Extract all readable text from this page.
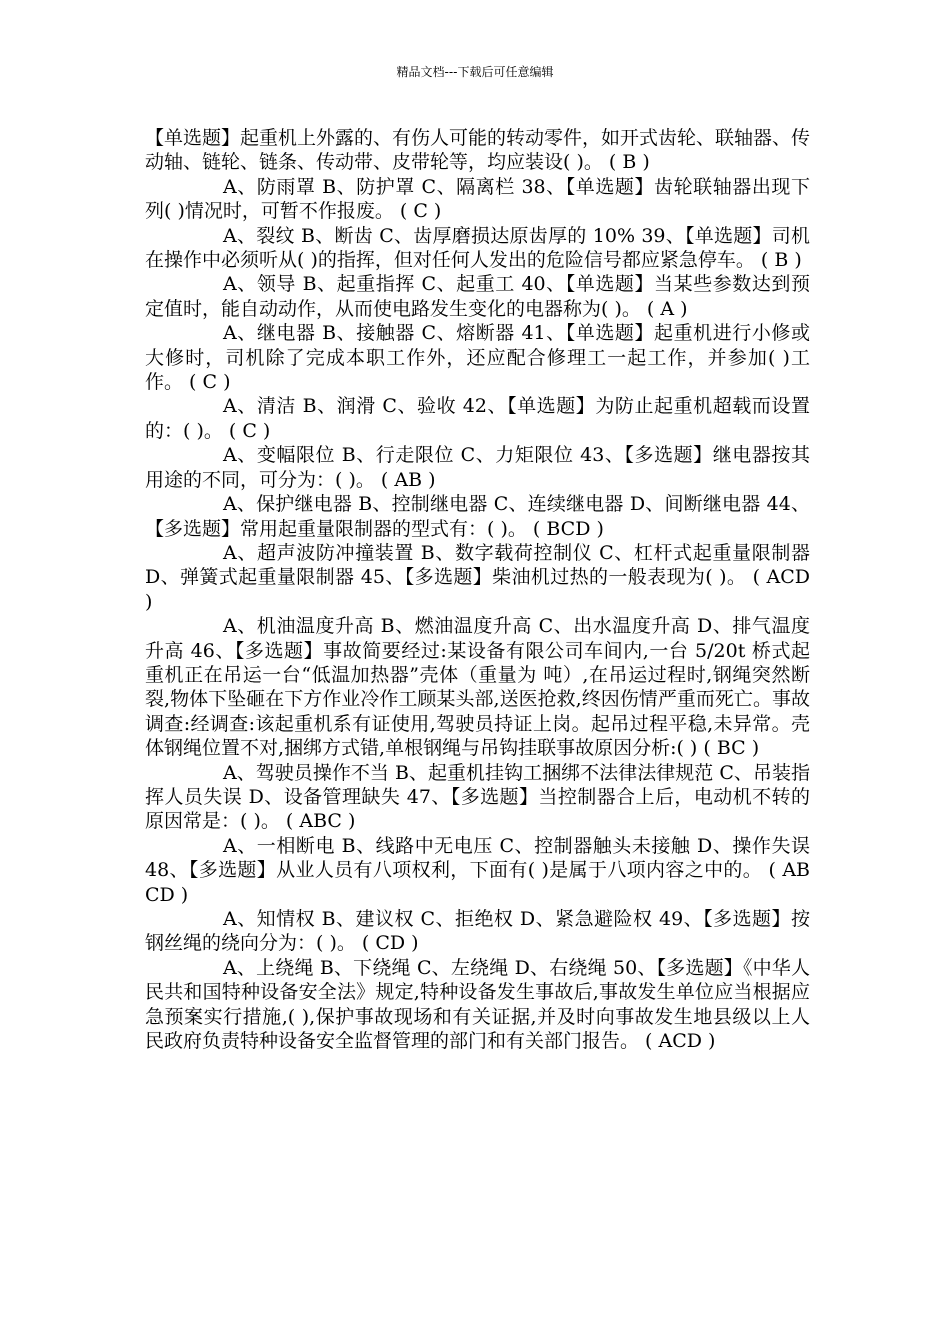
精品文档---下载后可任意编辑

【单选题】起重机上外露的、有伤人可能的转动零件，如开式齿轮、联轴器、传动轴、链轮、链条、传动带、皮带轮等，均应装设( )。 ( B )

A、防雨罩 B、防护罩 C、隔离栏 38、【单选题】齿轮联轴器出现下列( )情况时，可暂不作报废。 ( C )

A、裂纹 B、断齿 C、齿厚磨损达原齿厚的 10% 39、【单选题】司机在操作中必须听从( )的指挥，但对任何人发出的危险信号都应紧急停车。 ( B )

A、领导 B、起重指挥 C、起重工 40、【单选题】当某些参数达到预定值时，能自动动作，从而使电路发生变化的电器称为( )。 ( A )

A、继电器 B、接触器 C、熔断器 41、【单选题】起重机进行小修或大修时，司机除了完成本职工作外，还应配合修理工一起工作，并参加( )工作。 ( C )

A、清洁 B、润滑 C、验收 42、【单选题】为防止起重机超载而设置的：( )。 ( C )

A、变幅限位 B、行走限位 C、力矩限位 43、【多选题】继电器按其用途的不同，可分为：( )。 ( AB )

A、保护继电器 B、控制继电器 C、连续继电器 D、间断继电器 44、【多选题】常用起重量限制器的型式有：( )。 ( BCD )

A、超声波防冲撞装置 B、数字载荷控制仪 C、杠杆式起重量限制器 D、弹簧式起重量限制器 45、【多选题】柴油机过热的一般表现为( )。 ( ACD )

A、机油温度升高 B、燃油温度升高 C、出水温度升高 D、排气温度升高 46、【多选题】事故简要经过:某设备有限公司车间内,一台 5/20t 桥式起重机正在吊运一台“低温加热器”壳体（重量为 吨）,在吊运过程时,钢绳突然断裂,物体下坠砸在下方作业冷作工顾某头部,送医抢救,终因伤情严重而死亡。事故调查:经调查:该起重机系有证使用,驾驶员持证上岗。起吊过程平稳,未异常。壳体钢绳位置不对,捆绑方式错,单根钢绳与吊钩挂联事故原因分析:( ) ( BC )

A、驾驶员操作不当 B、起重机挂钩工捆绑不法律法律规范 C、吊装指挥人员失误 D、设备管理缺失 47、【多选题】当控制器合上后，电动机不转的原因常是：( )。 ( ABC )

A、一相断电 B、线路中无电压 C、控制器触头未接触 D、操作失误 48、【多选题】从业人员有八项权利，下面有( )是属于八项内容之中的。 ( ABCD )

A、知情权 B、建议权 C、拒绝权 D、紧急避险权 49、【多选题】按钢丝绳的绕向分为：( )。 ( CD )

A、上绕绳 B、下绕绳 C、左绕绳 D、右绕绳 50、【多选题】《中华人民共和国特种设备安全法》规定,特种设备发生事故后,事故发生单位应当根据应急预案实行措施,( ),保护事故现场和有关证据,并及时向事故发生地县级以上人民政府负责特种设备安全监督管理的部门和有关部门报告。 ( ACD )
